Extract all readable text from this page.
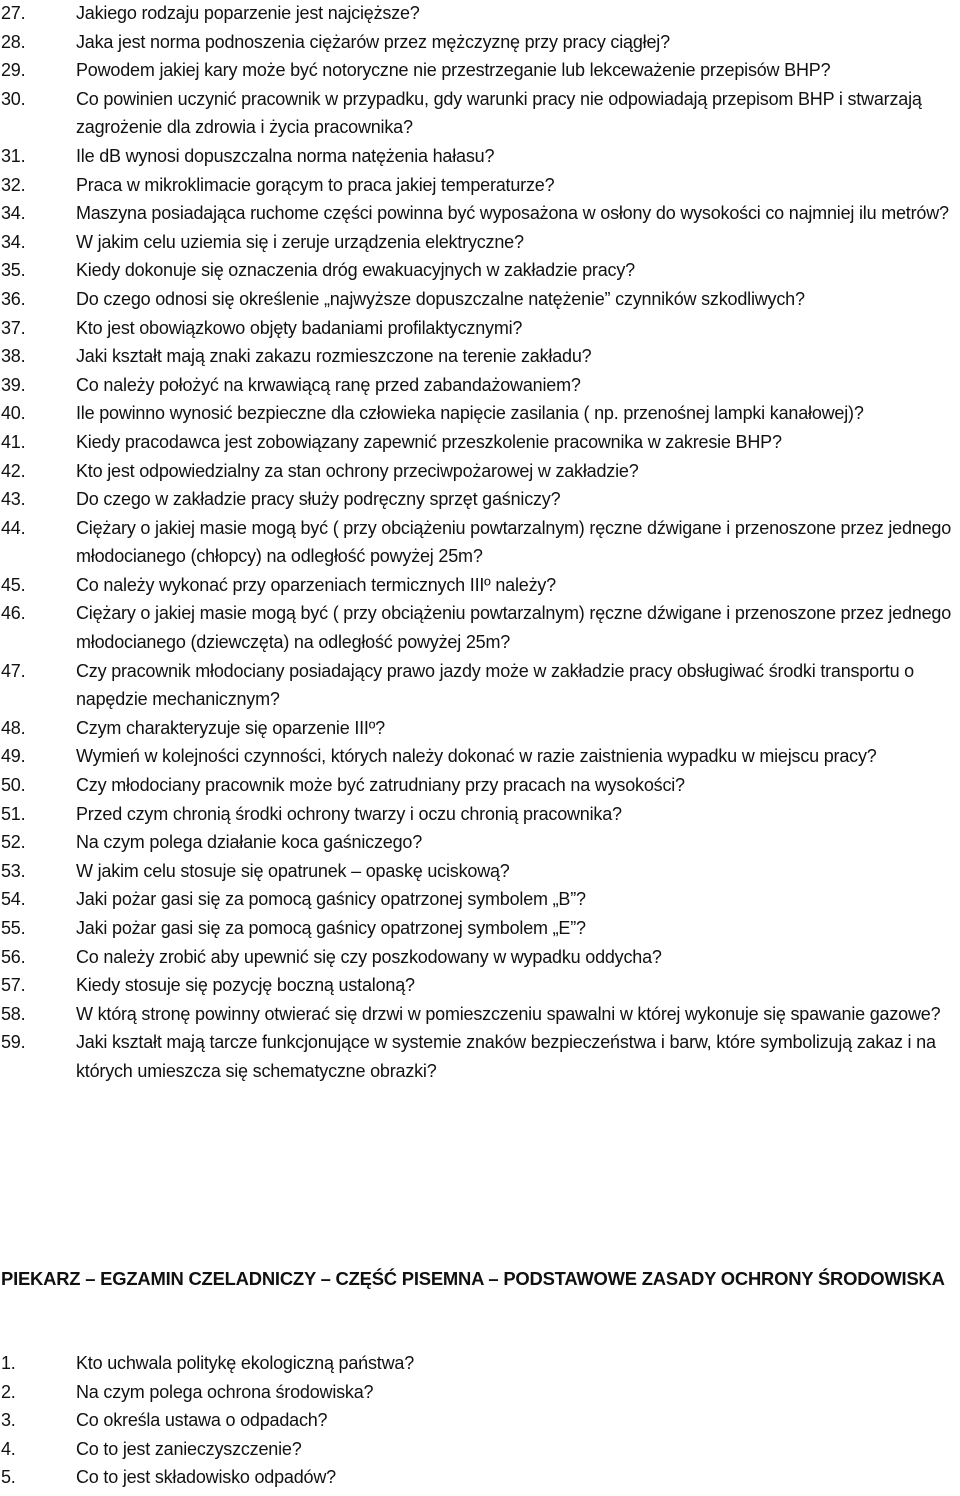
27.	Jakiego rodzaju poparzenie jest najcięższe?
28.	Jaka jest norma podnoszenia ciężarów przez mężczyznę przy pracy ciągłej?
29.	Powodem jakiej kary może być notoryczne nie przestrzeganie lub lekceważenie przepisów BHP?
30.	Co powinien uczynić pracownik w przypadku, gdy warunki pracy nie odpowiadają przepisom BHP i stwarzają zagrożenie dla zdrowia i życia pracownika?
31.	Ile dB wynosi dopuszczalna norma natężenia hałasu?
32.	Praca w mikroklimacie gorącym to praca jakiej temperaturze?
34.	Maszyna posiadająca ruchome części powinna być wyposażona w osłony do wysokości co najmniej ilu metrów?
34.	W jakim celu uziemia się i zeruje urządzenia elektryczne?
35.	Kiedy dokonuje się oznaczenia dróg ewakuacyjnych w zakładzie pracy?
36.	Do czego odnosi się określenie „najwyższe dopuszczalne natężenie” czynników szkodliwych?
37.	Kto jest obowiązkowo objęty badaniami profilaktycznymi?
38.	Jaki kształt mają znaki zakazu rozmieszczone na terenie zakładu?
39.	Co należy położyć na krwawiącą ranę przed zabandażowaniem?
40.	Ile powinno wynosić bezpieczne dla człowieka napięcie zasilania ( np. przenośnej lampki kanałowej)?
41.	Kiedy pracodawca jest zobowiązany zapewnić przeszkolenie pracownika w zakresie BHP?
42.	Kto jest odpowiedzialny za stan ochrony przeciwpożarowej w zakładzie?
43.	Do czego w zakładzie pracy służy podręczny sprzęt gaśniczy?
44.	Ciężary o jakiej masie mogą być ( przy obciążeniu powtarzalnym) ręczne dźwigane i przenoszone przez jednego młodocianego (chłopcy) na odległość powyżej 25m?
45.	Co należy wykonać przy oparzeniach termicznych IIIº należy?
46.	Ciężary o jakiej masie mogą być ( przy obciążeniu powtarzalnym) ręczne dźwigane i przenoszone przez jednego młodocianego (dziewczęta) na odległość powyżej 25m?
47.	Czy pracownik młodociany posiadający prawo jazdy może w zakładzie pracy obsługiwać środki transportu o napędzie mechanicznym?
48.	Czym charakteryzuje się oparzenie IIIº?
49.	Wymień w kolejności czynności, których należy dokonać w razie zaistnienia wypadku w miejscu pracy?
50.	Czy młodociany pracownik może być zatrudniany przy pracach na wysokości?
51.	Przed czym chronią środki ochrony twarzy i oczu chronią pracownika?
52.	Na czym polega działanie koca gaśniczego?
53.	W jakim celu stosuje się opatrunek – opaskę uciskową?
54.	Jaki pożar gasi się za pomocą gaśnicy opatrzonej symbolem „B”?
55.	Jaki pożar gasi się za pomocą gaśnicy opatrzonej symbolem „E”?
56.	Co należy zrobić aby upewnić się czy poszkodowany w wypadku oddycha?
57.	Kiedy stosuje się pozycję boczną ustaloną?
58.	W którą stronę powinny otwierać się drzwi w pomieszczeniu spawalni w której wykonuje się spawanie gazowe?
59.	Jaki kształt mają tarcze funkcjonujące w systemie znaków bezpieczeństwa i barw, które symbolizują zakaz i na których umieszcza się schematyczne obrazki?
PIEKARZ – EGZAMIN CZELADNICZY – CZĘŚĆ PISEMNA – PODSTAWOWE ZASADY OCHRONY ŚRODOWISKA
1.	Kto uchwala politykę ekologiczną państwa?
2.	Na czym polega ochrona środowiska?
3.	Co określa ustawa o odpadach?
4.	Co to jest zanieczyszczenie?
5.	Co to jest składowisko odpadów?
